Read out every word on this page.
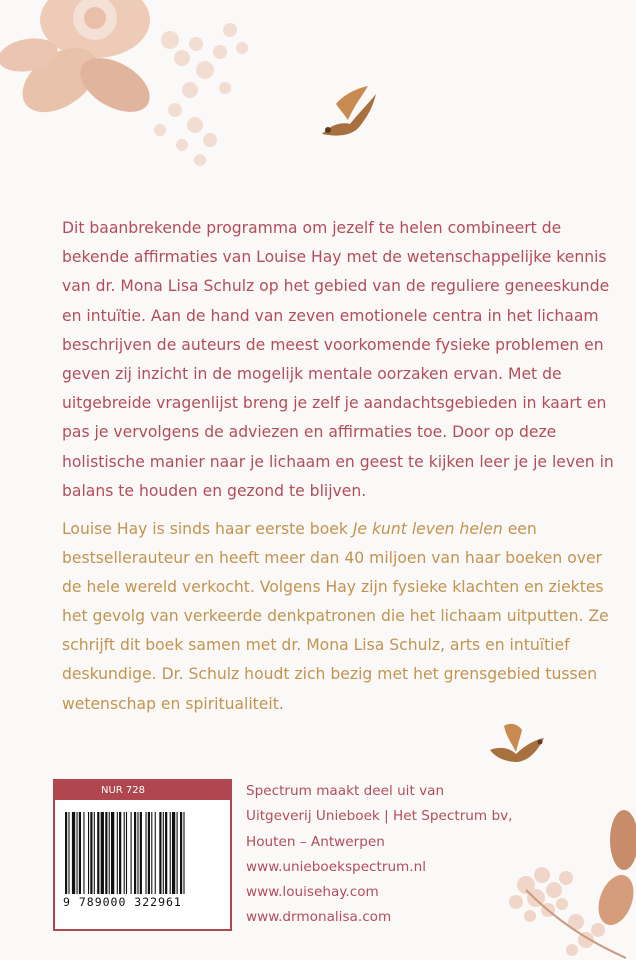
Dit baanbrekende programma om jezelf te helen combineert de bekende affirmaties van Louise Hay met de wetenschappelijke kennis van dr. Mona Lisa Schulz op het gebied van de reguliere geneeskunde en intuïtie. Aan de hand van zeven emotionele centra in het lichaam beschrijven de auteurs de meest voorkomende fysieke problemen en geven zij inzicht in de mogelijk mentale oorzaken ervan. Met de uitgebreide vragenlijst breng je zelf je aandachtsgebieden in kaart en pas je vervolgens de adviezen en affirmaties toe. Door op deze holistische manier naar je lichaam en geest te kijken leer je je leven in balans te houden en gezond te blijven.

Louise Hay is sinds haar eerste boek Je kunt leven helen een bestsellerauteur en heeft meer dan 40 miljoen van haar boeken over de hele wereld verkocht. Volgens Hay zijn fysieke klachten en ziektes het gevolg van verkeerde denkpatronen die het lichaam uitputten. Ze schrijft dit boek samen met dr. Mona Lisa Schulz, arts en intuïtief deskundige. Dr. Schulz houdt zich bezig met het grensgebied tussen wetenschap en spiritualiteit.

NUR 728
9 789000 322961
Spectrum maakt deel uit van
Uitgeverij Unieboek | Het Spectrum bv,
Houten – Antwerpen
www.unieboekspectrum.nl
www.louisehay.com
www.drmonalisa.com
